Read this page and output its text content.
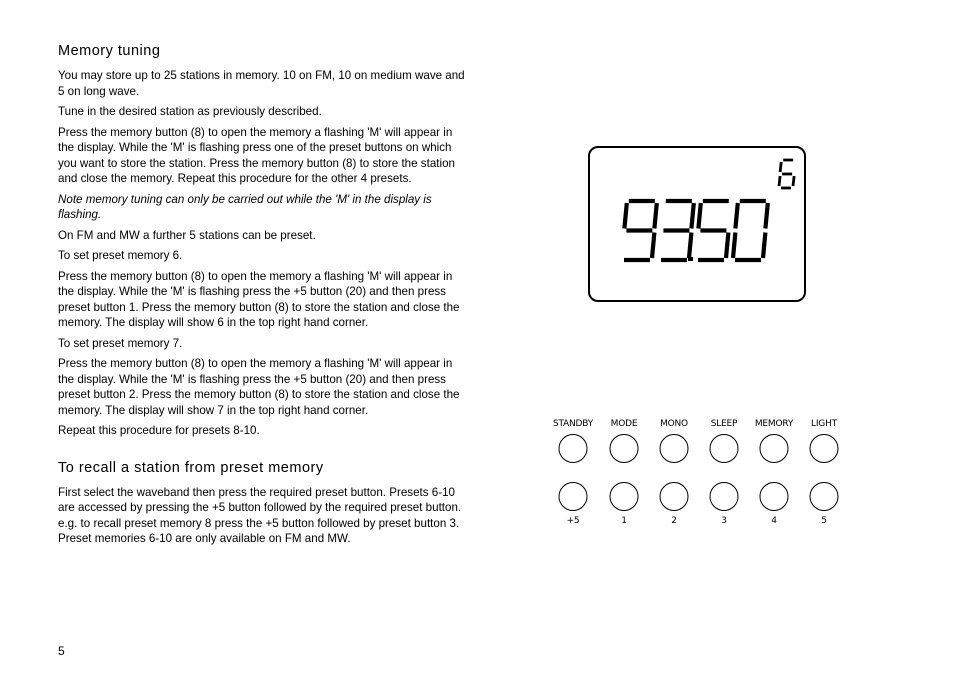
Memory tuning

You may store up to 25 stations in memory. 10 on FM, 10 on medium wave and 5 on long wave.

Tune in the desired station as previously described.

Press the memory button (8) to open the memory a flashing 'M' will appear in the display. While the 'M' is flashing press one of the preset buttons on which you want to store the station. Press the memory button (8) to store the station and close the memory. Repeat this procedure for the other 4 presets.

Note memory tuning can only be carried out while the 'M' in the display is flashing.

On FM and MW a further 5 stations can be preset.

To set preset memory 6.

Press the memory button (8) to open the memory a flashing 'M' will appear in the display. While the 'M' is flashing press the +5 button (20) and then press preset button 1. Press the memory button (8) to store the station and close the memory. The display will show 6 in the top right hand corner.

To set preset memory 7.

Press the memory button (8) to open the memory a flashing 'M' will appear in the display. While the 'M' is flashing press the +5 button (20) and then press preset button 2. Press the memory button (8) to store the station and close the memory. The display will show 7 in the top right hand corner.

Repeat this procedure for presets 8-10.

To recall a station from preset memory

First select the waveband then press the required preset button. Presets 6-10 are accessed by pressing the +5 button followed by the required preset button. e.g. to recall preset memory 8 press the +5 button followed by preset button 3. Preset memories 6-10 are only available on FM and MW.

5
STANDBY	MODE	MONO	SLEEP	MEMORY	LIGHT
+5	1	2	3	4	5
